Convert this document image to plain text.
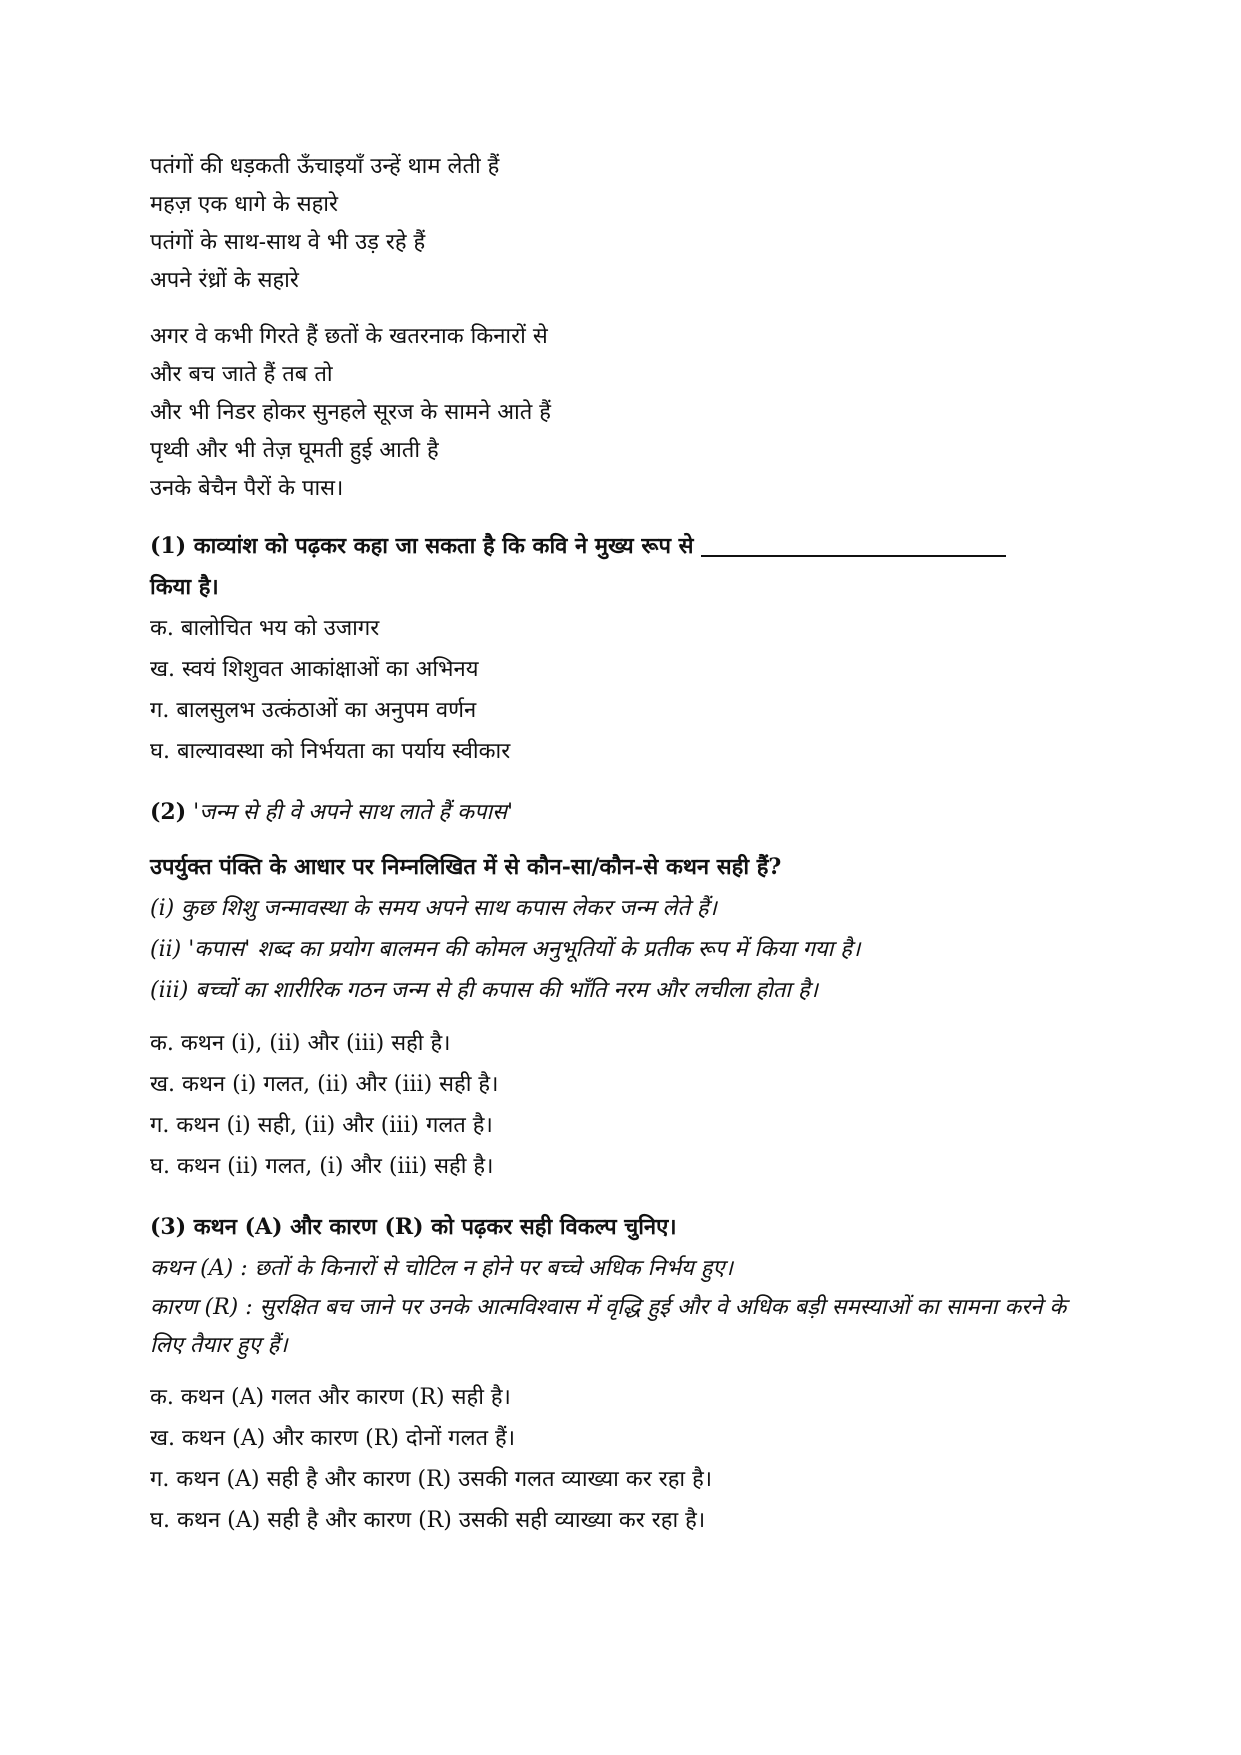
पतंगों की धड़कती ऊँचाइयाँ उन्हें थाम लेती हैं

महज़ एक धागे के सहारे

पतंगों के साथ-साथ वे भी उड़ रहे हैं

अपने रंध्रों के सहारे

अगर वे कभी गिरते हैं छतों के खतरनाक किनारों से

और बच जाते हैं तब तो

और भी निडर होकर सुनहले सूरज के सामने आते हैं

पृथ्वी और भी तेज़ घूमती हुई आती है

उनके बेचैन पैरों के पास।

(1) काव्यांश को पढ़कर कहा जा सकता है कि कवि ने मुख्य रूप से

किया है।

क. बालोचित भय को उजागर

ख. स्वयं शिशुवत आकांक्षाओं का अभिनय

ग. बालसुलभ उत्कंठाओं का अनुपम वर्णन

घ. बाल्यावस्था को निर्भयता का पर्याय स्वीकार

(2) 'जन्म से ही वे अपने साथ लाते हैं कपास'

उपर्युक्त पंक्ति के आधार पर निम्नलिखित में से कौन-सा/कौन-से कथन सही हैं?

(i) कुछ शिशु जन्मावस्था के समय अपने साथ कपास लेकर जन्म लेते हैं।

(ii) 'कपास' शब्द का प्रयोग बालमन की कोमल अनुभूतियों के प्रतीक रूप में किया गया है।

(iii) बच्चों का शारीरिक गठन जन्म से ही कपास की भाँति नरम और लचीला होता है।

क. कथन (i), (ii) और (iii) सही है।

ख. कथन (i) गलत, (ii) और (iii) सही है।

ग. कथन (i) सही, (ii) और (iii) गलत है।

घ. कथन (ii) गलत, (i) और (iii) सही है।

(3) कथन (A) और कारण (R) को पढ़कर सही विकल्प चुनिए।

कथन (A) : छतों के किनारों से चोटिल न होने पर बच्चे अधिक निर्भय हुए।

कारण (R) : सुरक्षित बच जाने पर उनके आत्मविश्वास में वृद्धि हुई और वे अधिक बड़ी समस्याओं का सामना करने के लिए तैयार हुए हैं।

क. कथन (A) गलत और कारण (R) सही है।

ख. कथन (A) और कारण (R) दोनों गलत हैं।

ग. कथन (A) सही है और कारण (R) उसकी गलत व्याख्या कर रहा है।

घ. कथन (A) सही है और कारण (R) उसकी सही व्याख्या कर रहा है।
